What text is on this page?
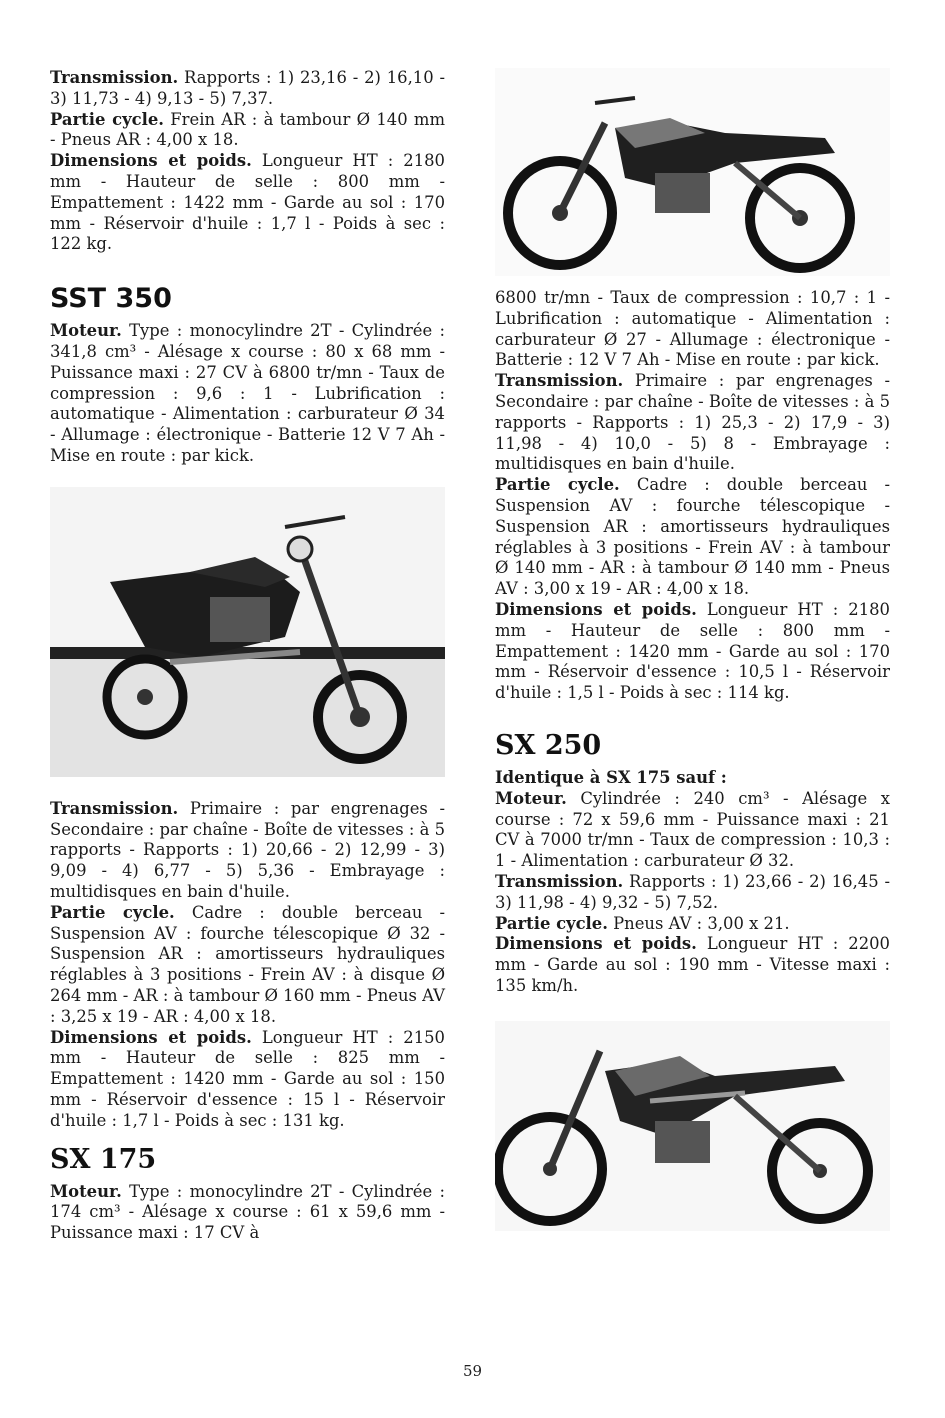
Transmission. Rapports : 1) 23,16 - 2) 16,10 - 3) 11,73 - 4) 9,13 - 5) 7,37.

Partie cycle. Frein AR : à tambour Ø 140 mm - Pneus AR : 4,00 x 18.

Dimensions et poids. Longueur HT : 2180 mm - Hauteur de selle : 800 mm - Empattement : 1422 mm - Garde au sol : 170 mm - Réservoir d'huile : 1,7 l - Poids à sec : 122 kg.

SST 350

Moteur. Type : monocylindre 2T - Cylindrée : 341,8 cm³ - Alésage x course : 80 x 68 mm - Puissance maxi : 27 CV à 6800 tr/mn - Taux de compression : 9,6 : 1 - Lubrification : automatique - Alimentation : carburateur Ø 34 - Allumage : électronique - Batterie 12 V 7 Ah - Mise en route : par kick.

Transmission. Primaire : par engrenages - Secondaire : par chaîne - Boîte de vitesses : à 5 rapports - Rapports : 1) 20,66 - 2) 12,99 - 3) 9,09 - 4) 6,77 - 5) 5,36 - Embrayage : multidisques en bain d'huile.

Partie cycle. Cadre : double berceau - Suspension AV : fourche télescopique Ø 32 - Suspension AR : amortisseurs hydrauliques réglables à 3 positions - Frein AV : à disque Ø 264 mm - AR : à tambour Ø 160 mm - Pneus AV : 3,25 x 19 - AR : 4,00 x 18.

Dimensions et poids. Longueur HT : 2150 mm - Hauteur de selle : 825 mm - Empattement : 1420 mm - Garde au sol : 150 mm - Réservoir d'essence : 15 l - Réservoir d'huile : 1,7 l - Poids à sec : 131 kg.

SX 175

Moteur. Type : monocylindre 2T - Cylindrée : 174 cm³ - Alésage x course : 61 x 59,6 mm - Puissance maxi : 17 CV à

6800 tr/mn - Taux de compression : 10,7 : 1 - Lubrification : automatique - Alimentation : carburateur Ø 27 - Allumage : électronique - Batterie : 12 V 7 Ah - Mise en route : par kick.

Transmission. Primaire : par engrenages - Secondaire : par chaîne - Boîte de vitesses : à 5 rapports - Rapports : 1) 25,3 - 2) 17,9 - 3) 11,98 - 4) 10,0 - 5) 8 - Embrayage : multidisques en bain d'huile.

Partie cycle. Cadre : double berceau - Suspension AV : fourche télescopique - Suspension AR : amortisseurs hydrauliques réglables à 3 positions - Frein AV : à tambour Ø 140 mm - AR : à tambour Ø 140 mm - Pneus AV : 3,00 x 19 - AR : 4,00 x 18.

Dimensions et poids. Longueur HT : 2180 mm - Hauteur de selle : 800 mm - Empattement : 1420 mm - Garde au sol : 170 mm - Réservoir d'essence : 10,5 l - Réservoir d'huile : 1,5 l - Poids à sec : 114 kg.

SX 250

Identique à SX 175 sauf :

Moteur. Cylindrée : 240 cm³ - Alésage x course : 72 x 59,6 mm - Puissance maxi : 21 CV à 7000 tr/mn - Taux de compression : 10,3 : 1 - Alimentation : carburateur Ø 32.

Transmission. Rapports : 1) 23,66 - 2) 16,45 - 3) 11,98 - 4) 9,32 - 5) 7,52.

Partie cycle. Pneus AV : 3,00 x 21.

Dimensions et poids. Longueur HT : 2200 mm - Garde au sol : 190 mm - Vitesse maxi : 135 km/h.

59
